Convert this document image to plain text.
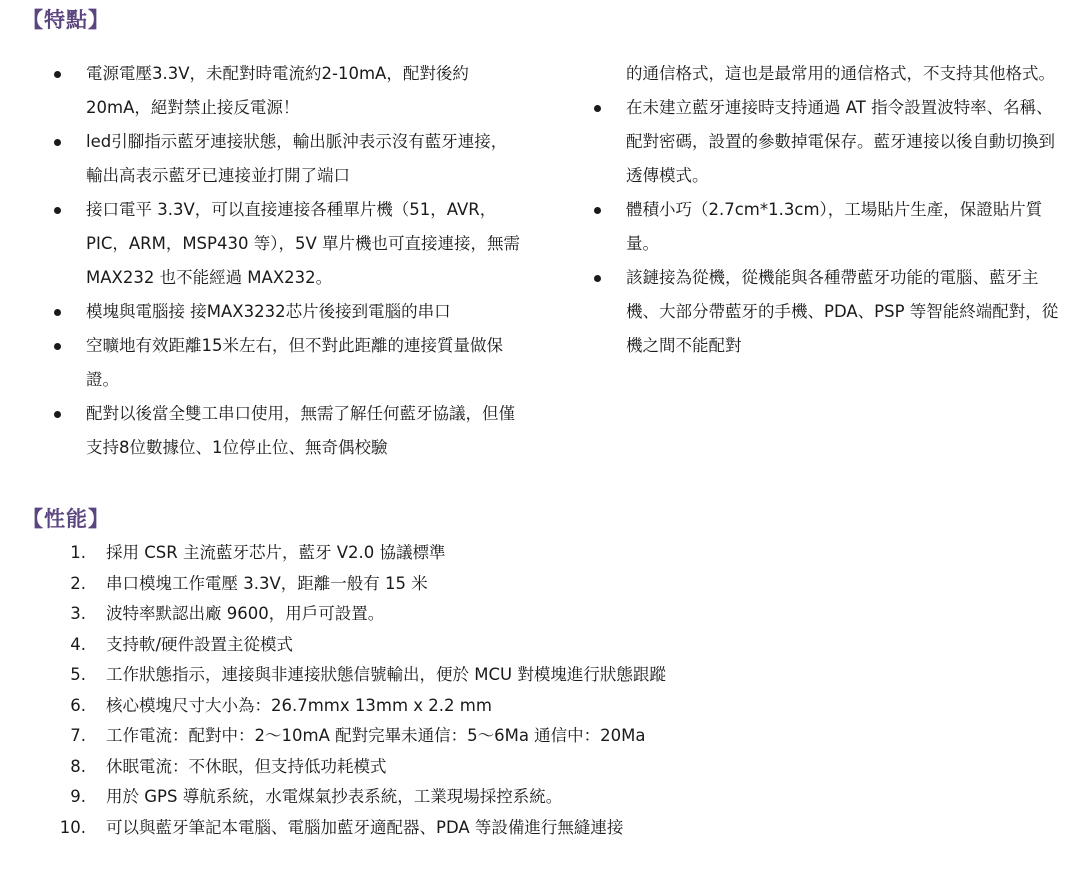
【特點】
電源電壓3.3V，未配對時電流約2-10mA，配對後約20mA，絕對禁止接反電源！
led引腳指示藍牙連接狀態，輸出脈沖表示沒有藍牙連接，輸出高表示藍牙已連接並打開了端口
接口電平 3.3V，可以直接連接各種單片機（51，AVR，PIC，ARM，MSP430 等），5V 單片機也可直接連接，無需 MAX232 也不能經過 MAX232。
模塊與電腦接 接MAX3232芯片後接到電腦的串口
空曠地有效距離15米左右，但不對此距離的連接質量做保證。
配對以後當全雙工串口使用，無需了解任何藍牙協議，但僅支持8位數據位、1位停止位、無奇偶校驗
的通信格式，這也是最常用的通信格式，不支持其他格式。
在未建立藍牙連接時支持通過 AT 指令設置波特率、名稱、配對密碼，設置的參數掉電保存。藍牙連接以後自動切換到透傳模式。
體積小巧（2.7cm*1.3cm），工場貼片生產，保證貼片質量。
該鏈接為從機，從機能與各種帶藍牙功能的電腦、藍牙主機、大部分帶藍牙的手機、PDA、PSP 等智能終端配對，從機之間不能配對
【性能】
1. 採用 CSR 主流藍牙芯片，藍牙 V2.0 協議標準
2. 串口模塊工作電壓 3.3V，距離一般有 15 米
3. 波特率默認出廠 9600，用戶可設置。
4. 支持軟/硬件設置主從模式
5. 工作狀態指示，連接與非連接狀態信號輸出，便於 MCU 對模塊進行狀態跟蹤
6. 核心模塊尺寸大小為：26.7mmx 13mm x 2.2 mm
7. 工作電流：配對中：2～10mA 配對完畢未通信：5～6Ma 通信中：20Ma
8. 休眠電流：不休眠，但支持低功耗模式
9. 用於 GPS 導航系統，水電煤氣抄表系統，工業現場採控系統。
10. 可以與藍牙筆記本電腦、電腦加藍牙適配器、PDA 等設備進行無縫連接
